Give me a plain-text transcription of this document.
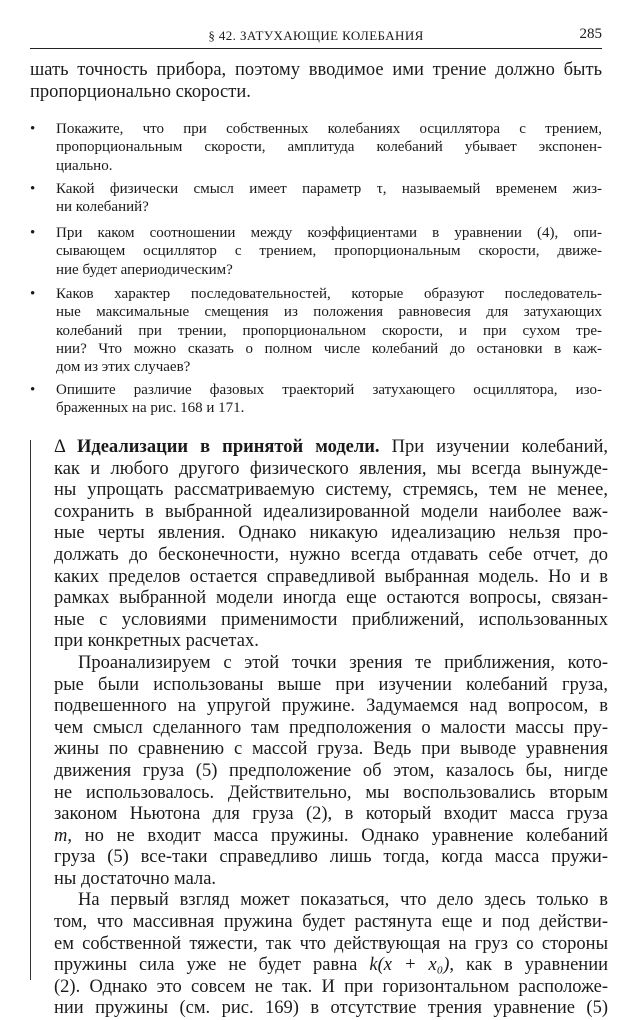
§ 42. ЗАТУХАЮЩИЕ КОЛЕБАНИЯ	285
шать точность прибора, поэтому вводимое ими трение должно быть
пропорционально скорости.
• Покажите, что при собственных колебаниях осциллятора с трением,
пропорциональным скорости, амплитуда колебаний убывает экспонен-
циально.
• Какой физически смысл имеет параметр τ, называемый временем жиз-
ни колебаний?
• При каком соотношении между коэффициентами в уравнении (4), опи-
сывающем осциллятор с трением, пропорциональным скорости, движе-
ние будет апериодическим?
• Каков характер последовательностей, которые образуют последователь-
ные максимальные смещения из положения равновесия для затухающих
колебаний при трении, пропорциональном скорости, и при сухом тре-
нии? Что можно сказать о полном числе колебаний до остановки в каж-
дом из этих случаев?
• Опишите различие фазовых траекторий затухающего осциллятора, изо-
браженных на рис. 168 и 171.
Δ Идеализации в принятой модели. При изучении колебаний,
как и любого другого физического явления, мы всегда вынужде-
ны упрощать рассматриваемую систему, стремясь, тем не менее,
сохранить в выбранной идеализированной модели наиболее важ-
ные черты явления. Однако никакую идеализацию нельзя про-
должать до бесконечности, нужно всегда отдавать себе отчет, до
каких пределов остается справедливой выбранная модель. Но и в
рамках выбранной модели иногда еще остаются вопросы, связан-
ные с условиями применимости приближений, использованных
при конкретных расчетах.
Проанализируем с этой точки зрения те приближения, кото-
рые были использованы выше при изучении колебаний груза,
подвешенного на упругой пружине. Задумаемся над вопросом, в
чем смысл сделанного там предположения о малости массы пру-
жины по сравнению с массой груза. Ведь при выводе уравнения
движения груза (5) предположение об этом, казалось бы, нигде
не использовалось. Действительно, мы воспользовались вторым
законом Ньютона для груза (2), в который входит масса груза
m, но не входит масса пружины. Однако уравнение колебаний
груза (5) все-таки справедливо лишь тогда, когда масса пружи-
ны достаточно мала.
На первый взгляд может показаться, что дело здесь только в
том, что массивная пружина будет растянута еще и под действи-
ем собственной тяжести, так что действующая на груз со стороны
пружины сила уже не будет равна k(x + x₀), как в уравнении
(2). Однако это совсем не так. И при горизонтальном расположе-
нии пружины (см. рис. 169) в отсутствие трения уравнение (5)
